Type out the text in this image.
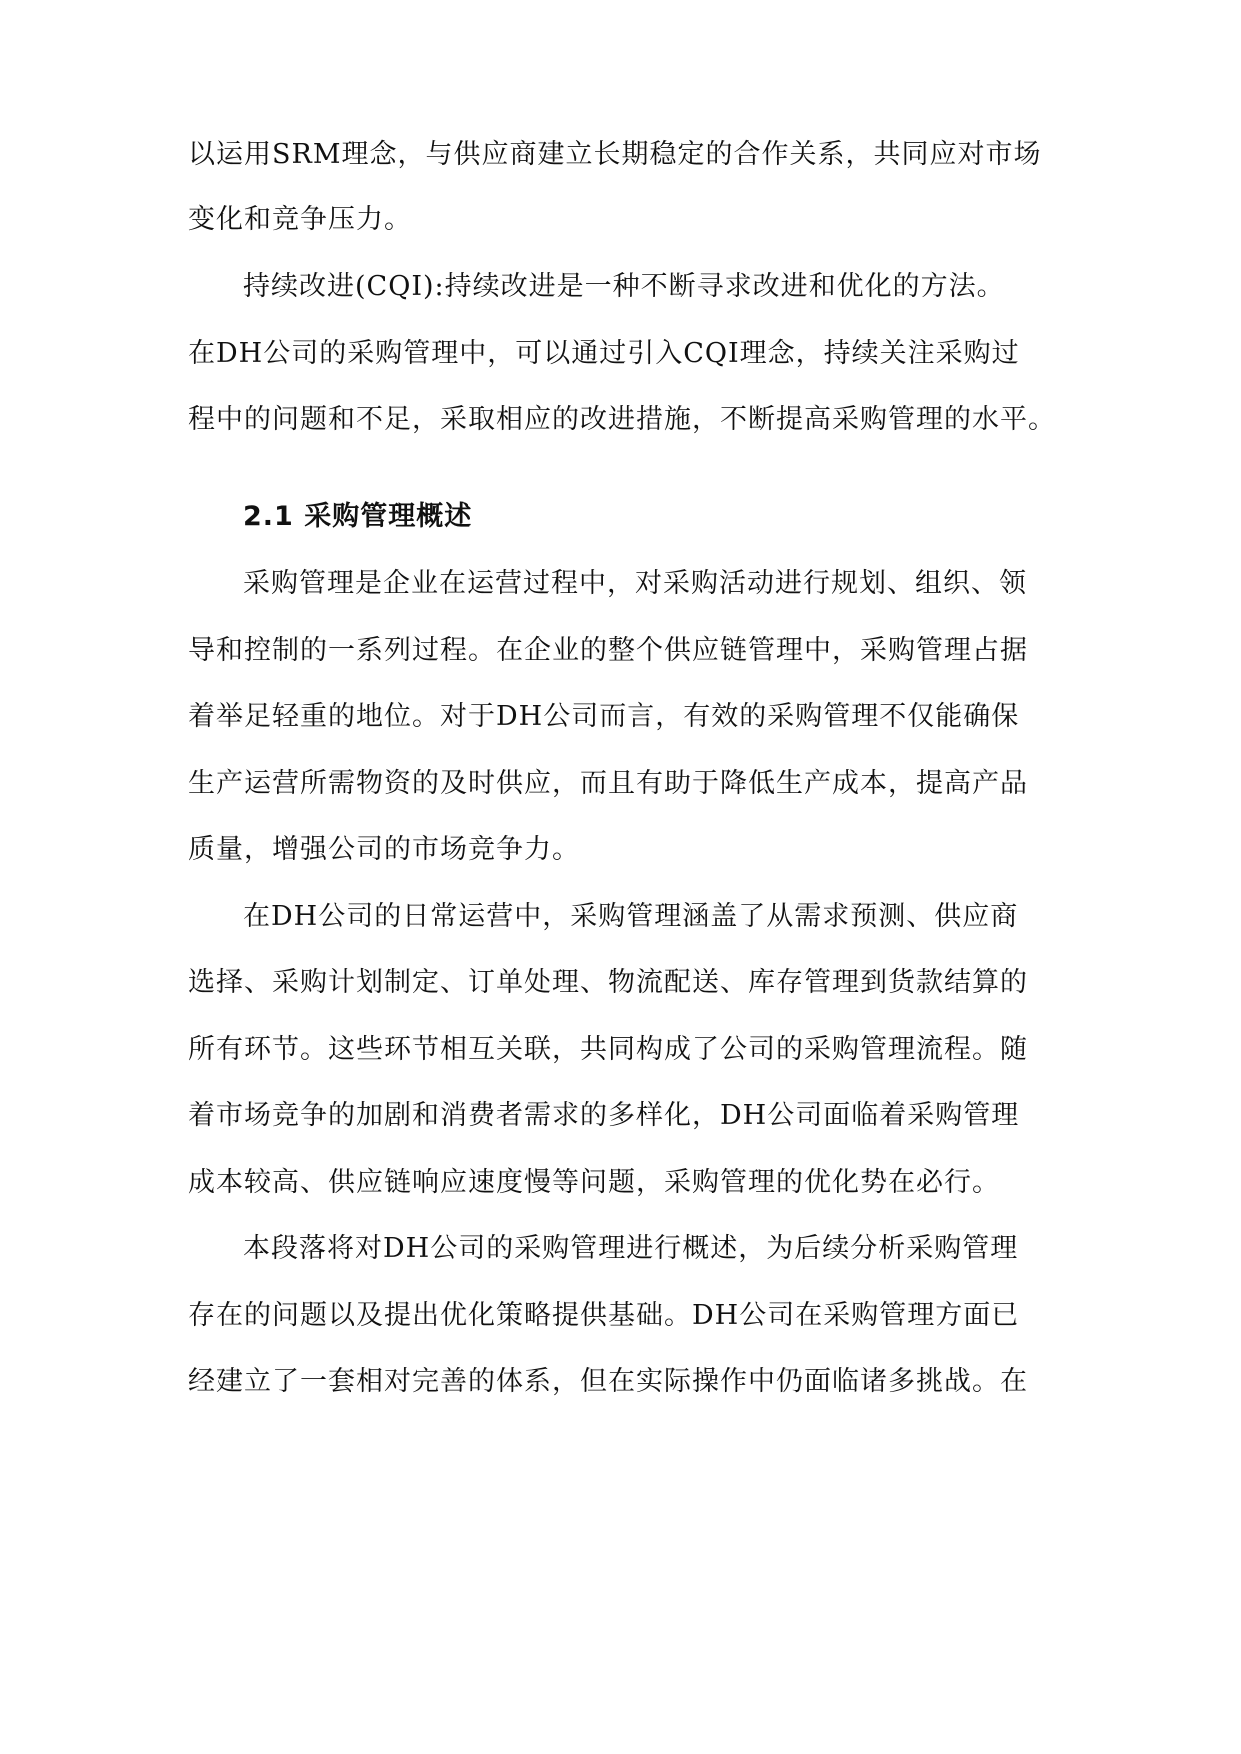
以运用SRM理念，与供应商建立长期稳定的合作关系，共同应对市场
变化和竞争压力。
持续改进(CQI):持续改进是一种不断寻求改进和优化的方法。
在DH公司的采购管理中，可以通过引入CQI理念，持续关注采购过
程中的问题和不足，采取相应的改进措施，不断提高采购管理的水平。
2.1 采购管理概述
采购管理是企业在运营过程中，对采购活动进行规划、组织、领
导和控制的一系列过程。在企业的整个供应链管理中，采购管理占据
着举足轻重的地位。对于DH公司而言，有效的采购管理不仅能确保
生产运营所需物资的及时供应，而且有助于降低生产成本，提高产品
质量，增强公司的市场竞争力。
在DH公司的日常运营中，采购管理涵盖了从需求预测、供应商
选择、采购计划制定、订单处理、物流配送、库存管理到货款结算的
所有环节。这些环节相互关联，共同构成了公司的采购管理流程。随
着市场竞争的加剧和消费者需求的多样化，DH公司面临着采购管理
成本较高、供应链响应速度慢等问题，采购管理的优化势在必行。
本段落将对DH公司的采购管理进行概述，为后续分析采购管理
存在的问题以及提出优化策略提供基础。DH公司在采购管理方面已
经建立了一套相对完善的体系，但在实际操作中仍面临诸多挑战。在
